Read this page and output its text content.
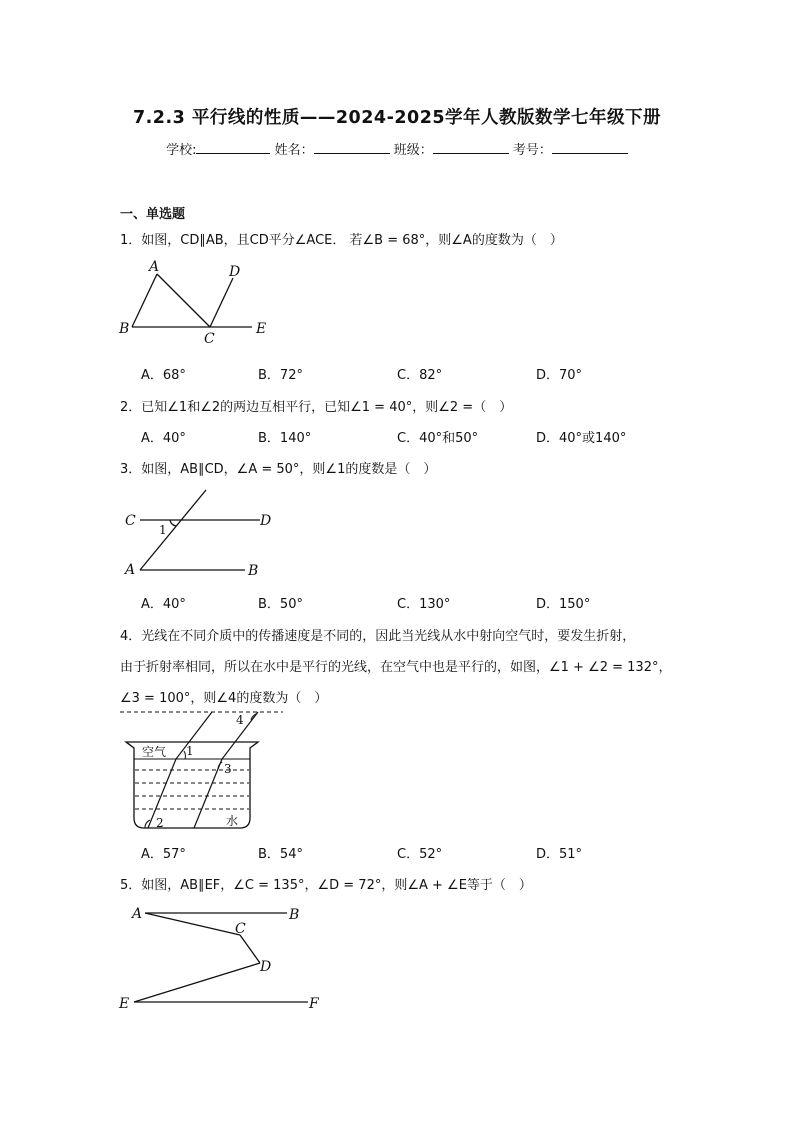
7.2.3 平行线的性质——2024-2025学年人教版数学七年级下册
学校:	姓名：	班级：	考号：
一、单选题
1．如图，CD∥AB，且CD平分∠ACE． 若∠B = 68°，则∠A的度数为（　）
A
B
C
D
E
A．68°	B．72°	C．82°	D．70°
2．已知∠1和∠2的两边互相平行，已知∠1 = 40°，则∠2 =（　）
A．40°	B．140°	C．40°和50°	D．40°或140°
3．如图，AB∥CD，∠A = 50°，则∠1的度数是（　）
C	D
A	B
1
A．40°	B．50°	C．130°	D．150°
4．光线在不同介质中的传播速度是不同的，因此当光线从水中射向空气时，要发生折射，
由于折射率相同，所以在水中是平行的光线，在空气中也是平行的，如图，∠1 + ∠2 = 132°，
∠3 = 100°，则∠4的度数为（　）
空气 1
4
3
2	水
A．57°	B．54°	C．52°	D．51°
5．如图，AB∥EF，∠C = 135°，∠D = 72°，则∠A + ∠E等于（　）
A	B
C
D
E	F
